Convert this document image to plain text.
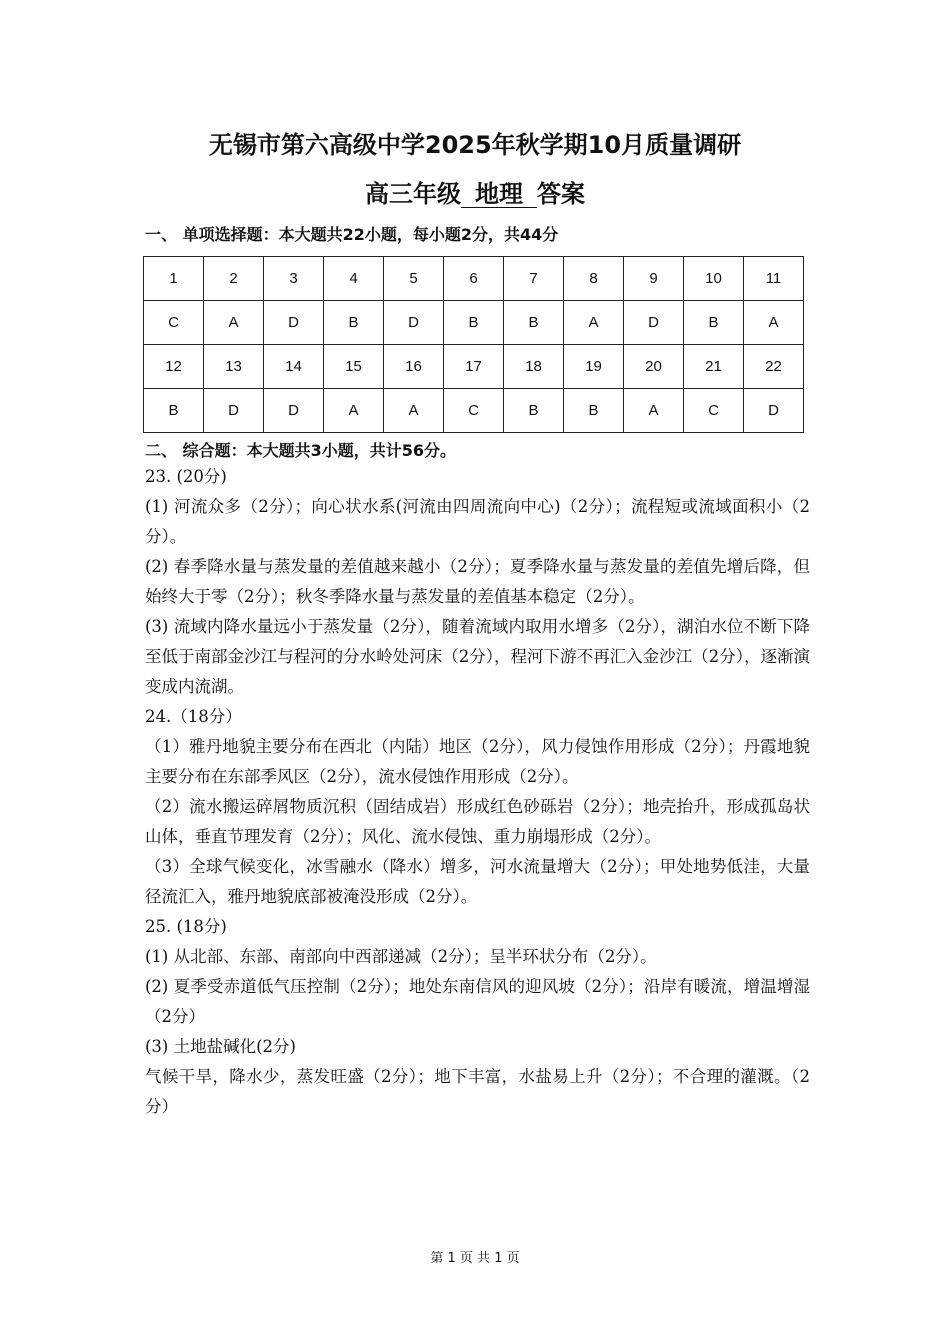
无锡市第六高级中学2025年秋学期10月质量调研
高三年级 地理 答案
一、 单项选择题：本大题共22小题，每小题2分，共44分
1	2	3	4	5	6	7	8	9	10	11
C	A	D	B	D	B	B	A	D	B	A
12	13	14	15	16	17	18	19	20	21	22
B	D	D	A	A	C	B	B	A	C	D
二、 综合题：本大题共3小题，共计56分。

23. (20分)

(1) 河流众多（2分）；向心状水系(河流由四周流向中心)（2分）；流程短或流域面积小（2分）。

(2) 春季降水量与蒸发量的差值越来越小（2分）；夏季降水量与蒸发量的差值先增后降，但始终大于零（2分）；秋冬季降水量与蒸发量的差值基本稳定（2分）。

(3) 流域内降水量远小于蒸发量（2分），随着流域内取用水增多（2分），湖泊水位不断下降至低于南部金沙江与程河的分水岭处河床（2分），程河下游不再汇入金沙江（2分），逐渐演变成内流湖。

24.（18分）

（1）雅丹地貌主要分布在西北（内陆）地区（2分），风力侵蚀作用形成（2分）；丹霞地貌主要分布在东部季风区（2分），流水侵蚀作用形成（2分）。

（2）流水搬运碎屑物质沉积（固结成岩）形成红色砂砾岩（2分）；地壳抬升，形成孤岛状山体，垂直节理发育（2分）；风化、流水侵蚀、重力崩塌形成（2分）。

（3）全球气候变化，冰雪融水（降水）增多，河水流量增大（2分）；甲处地势低洼，大量径流汇入，雅丹地貌底部被淹没形成（2分）。

25. (18分)

(1) 从北部、东部、南部向中西部递减（2分）；呈半环状分布（2分）。

(2) 夏季受赤道低气压控制（2分）；地处东南信风的迎风坡（2分）；沿岸有暖流，增温增湿（2分）

(3) 土地盐碱化(2分)

气候干旱，降水少，蒸发旺盛（2分）；地下丰富，水盐易上升（2分）；不合理的灌溉。（2分）

第 1 页 共 1 页
